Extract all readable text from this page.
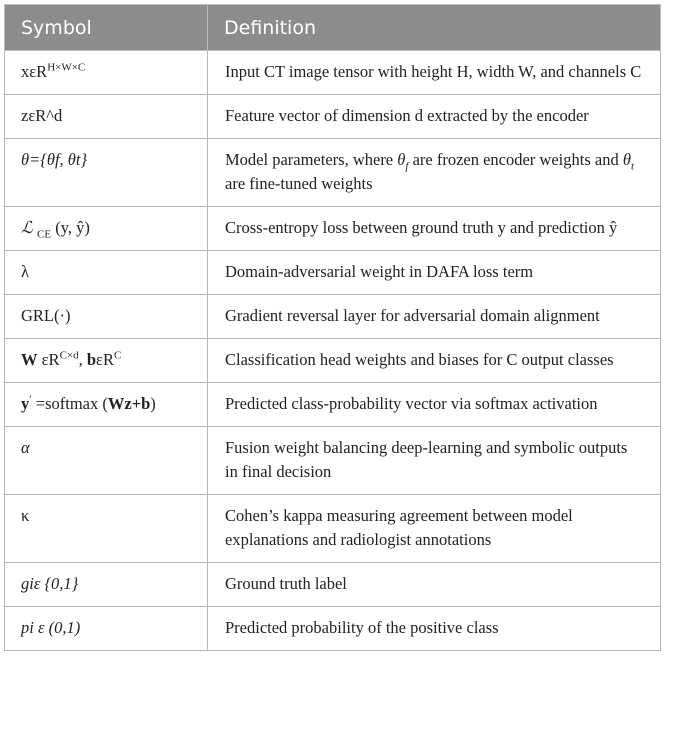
Symbol	Definition
xεR$^{H\times W\times C}$	Input CT image tensor with height H, width W, and channels C
zεR^d	Feature vector of dimension d extracted by the encoder
θ={θf, θt}	Model parameters, where $\theta_f$ are frozen encoder weights and $\theta_t$ are fine-tuned weights
ℒ $_{CE}$ (y, ŷ)	Cross-entropy loss between ground truth y and prediction ŷ
λ	Domain-adversarial weight in DAFA loss term
GRL(·)	Gradient reversal layer for adversarial domain alignment
W $\varepsilon R^{C\times d}$, bεR$^C$	Classification head weights and biases for C output classes
y′ =softmax (Wz+b)	Predicted class-probability vector via softmax activation
α	Fusion weight balancing deep-learning and symbolic outputs in final decision
κ	Cohen’s kappa measuring agreement between model explanations and radiologist annotations
giε {0,1}	Ground truth label
pi ε (0,1)	Predicted probability of the positive class
